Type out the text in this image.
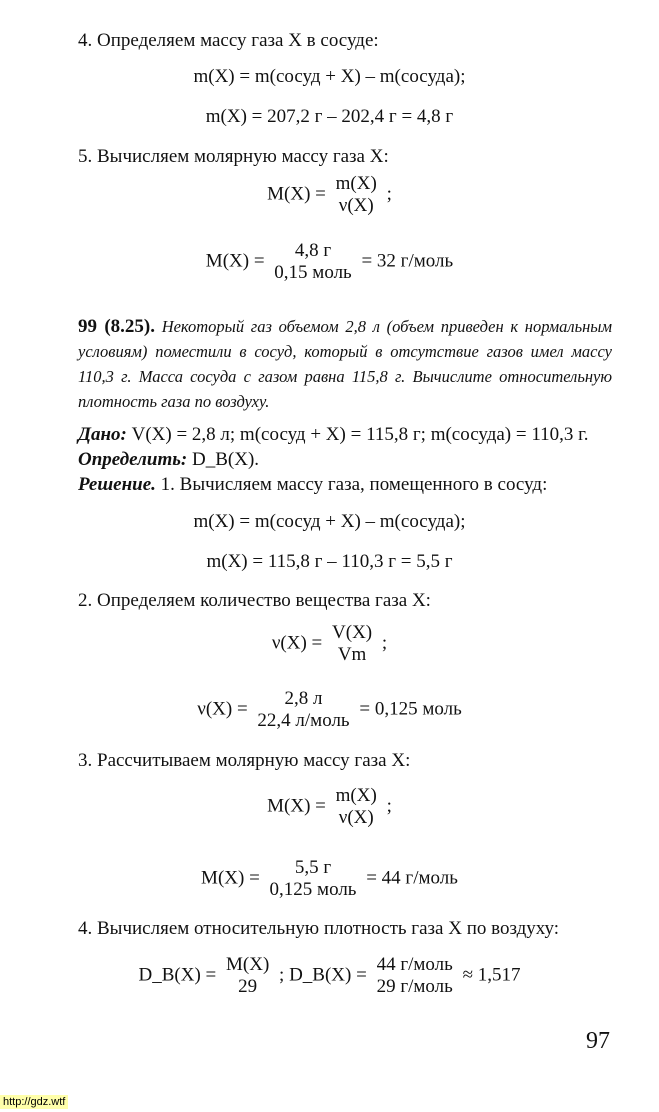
4. Определяем массу газа X в сосуде:
m(X) = m(сосуд + X) – m(сосуда);
m(X) = 207,2 г – 202,4 г = 4,8 г
5. Вычисляем молярную массу газа X:
M(X) = m(X)
ν(X)
;
M(X) =	4,8 г
0,15 моль
= 32 г/моль
99 (8.25). Некоторый газ объемом 2,8 л (объем приведен к нормальным условиям) поместили в сосуд, который в отсутствие газов имел массу 110,3 г. Масса сосуда с газом равна 115,8 г. Вычислите относительную плотность газа по воздуху.
Дано: V(X) = 2,8 л; m(сосуд + X) = 115,8 г; m(сосуда) = 110,3 г.
Определить: D_B(X).
Решение. 1. Вычисляем массу газа, помещенного в сосуд:
m(X) = m(сосуд + X) – m(сосуда);
m(X) = 115,8 г – 110,3 г = 5,5 г
2. Определяем количество вещества газа X:
ν(X) = V(X)
Vm
;
ν(X) =	2,8 л
22,4 л/моль
= 0,125 моль
3. Рассчитываем молярную массу газа X:
M(X) = m(X)
ν(X)
;
M(X) =	5,5 г
0,125 моль
= 44 г/моль
4. Вычисляем относительную плотность газа X по воздуху:
D_B(X) = M(X)
29
; D_B(X) = 44 г/моль
29 г/моль
≈ 1,517
97
http://gdz.wtf
